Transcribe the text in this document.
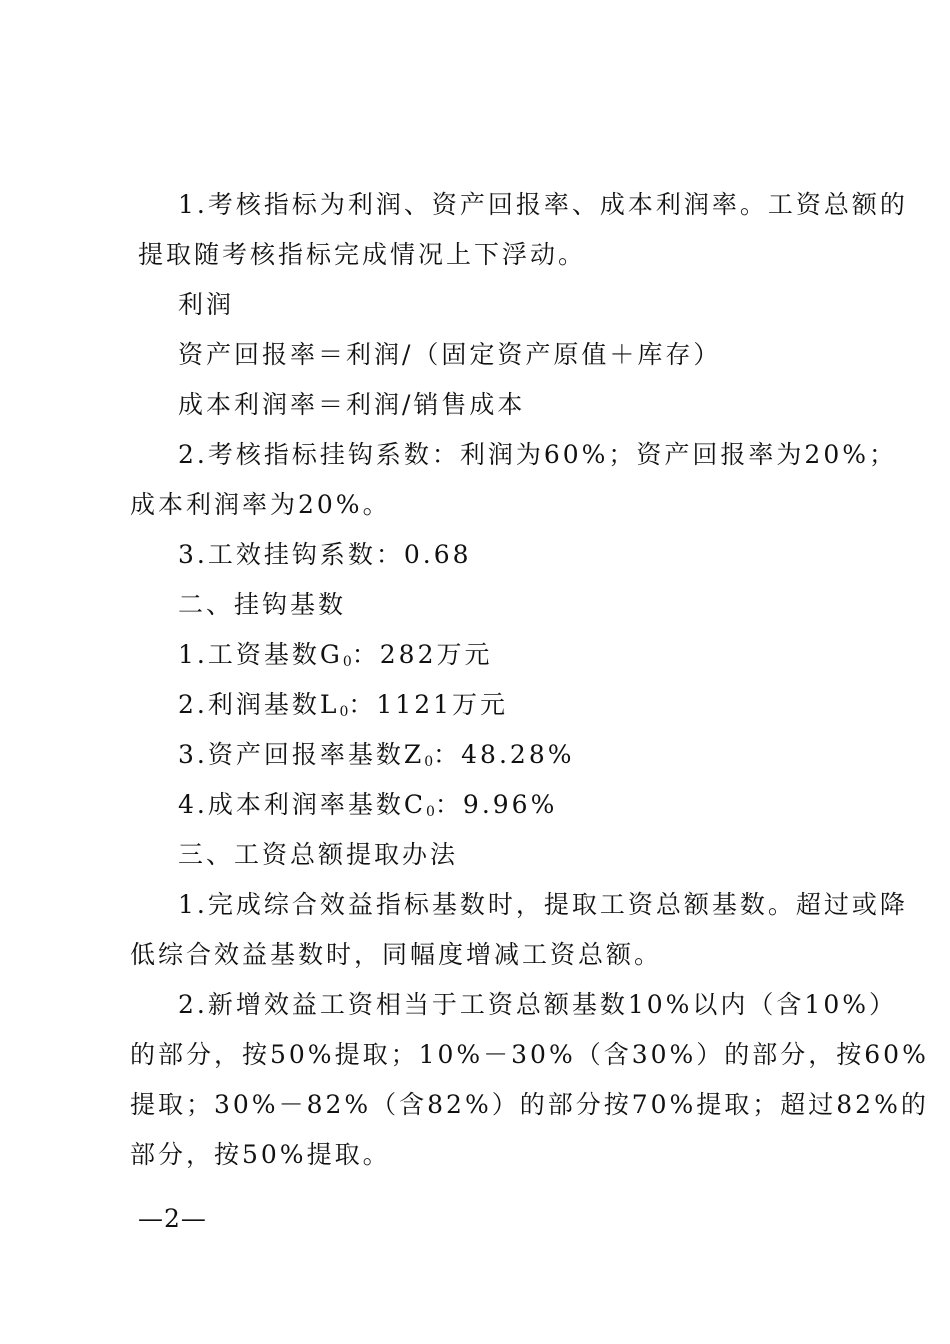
1.考核指标为利润、资产回报率、成本利润率。工资总额的
提取随考核指标完成情况上下浮动。
利润
资产回报率＝利润/（固定资产原值＋库存）
成本利润率＝利润/销售成本
2.考核指标挂钩系数：利润为60%；资产回报率为20%；
成本利润率为20%。
3.工效挂钩系数：0.68
二、挂钩基数
1.工资基数$G_0$：282万元
2.利润基数$L_0$：1121万元
3.资产回报率基数$Z_0$：48.28%
4.成本利润率基数$C_0$：9.96%
三、工资总额提取办法
1.完成综合效益指标基数时，提取工资总额基数。超过或降
低综合效益基数时，同幅度增减工资总额。
2.新增效益工资相当于工资总额基数10%以内（含10%）
的部分，按50%提取；10%－30%（含30%）的部分，按60%
提取；30%－82%（含82%）的部分按70%提取；超过82%的
部分，按50%提取。
—2—
